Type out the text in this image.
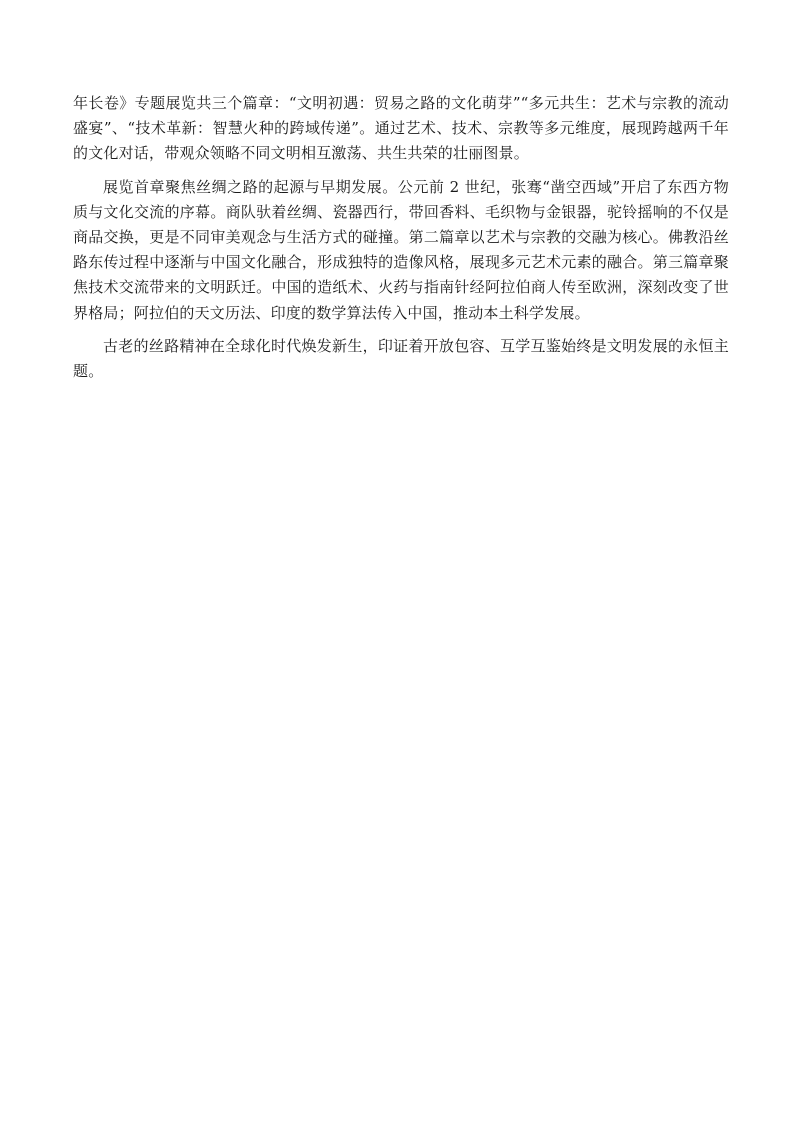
年长卷》专题展览共三个篇章：“文明初遇：贸易之路的文化萌芽”“多元共生：艺术与宗教的流动盛宴”、“技术革新：智慧火种的跨域传递”。通过艺术、技术、宗教等多元维度，展现跨越两千年的文化对话，带观众领略不同文明相互激荡、共生共荣的壮丽图景。

展览首章聚焦丝绸之路的起源与早期发展。公元前 2 世纪，张骞“凿空西域”开启了东西方物质与文化交流的序幕。商队驮着丝绸、瓷器西行，带回香料、毛织物与金银器，驼铃摇响的不仅是商品交换，更是不同审美观念与生活方式的碰撞。第二篇章以艺术与宗教的交融为核心。佛教沿丝路东传过程中逐渐与中国文化融合，形成独特的造像风格，展现多元艺术元素的融合。第三篇章聚焦技术交流带来的文明跃迁。中国的造纸术、火药与指南针经阿拉伯商人传至欧洲，深刻改变了世界格局；阿拉伯的天文历法、印度的数学算法传入中国，推动本土科学发展。

古老的丝路精神在全球化时代焕发新生，印证着开放包容、互学互鉴始终是文明发展的永恒主题。
